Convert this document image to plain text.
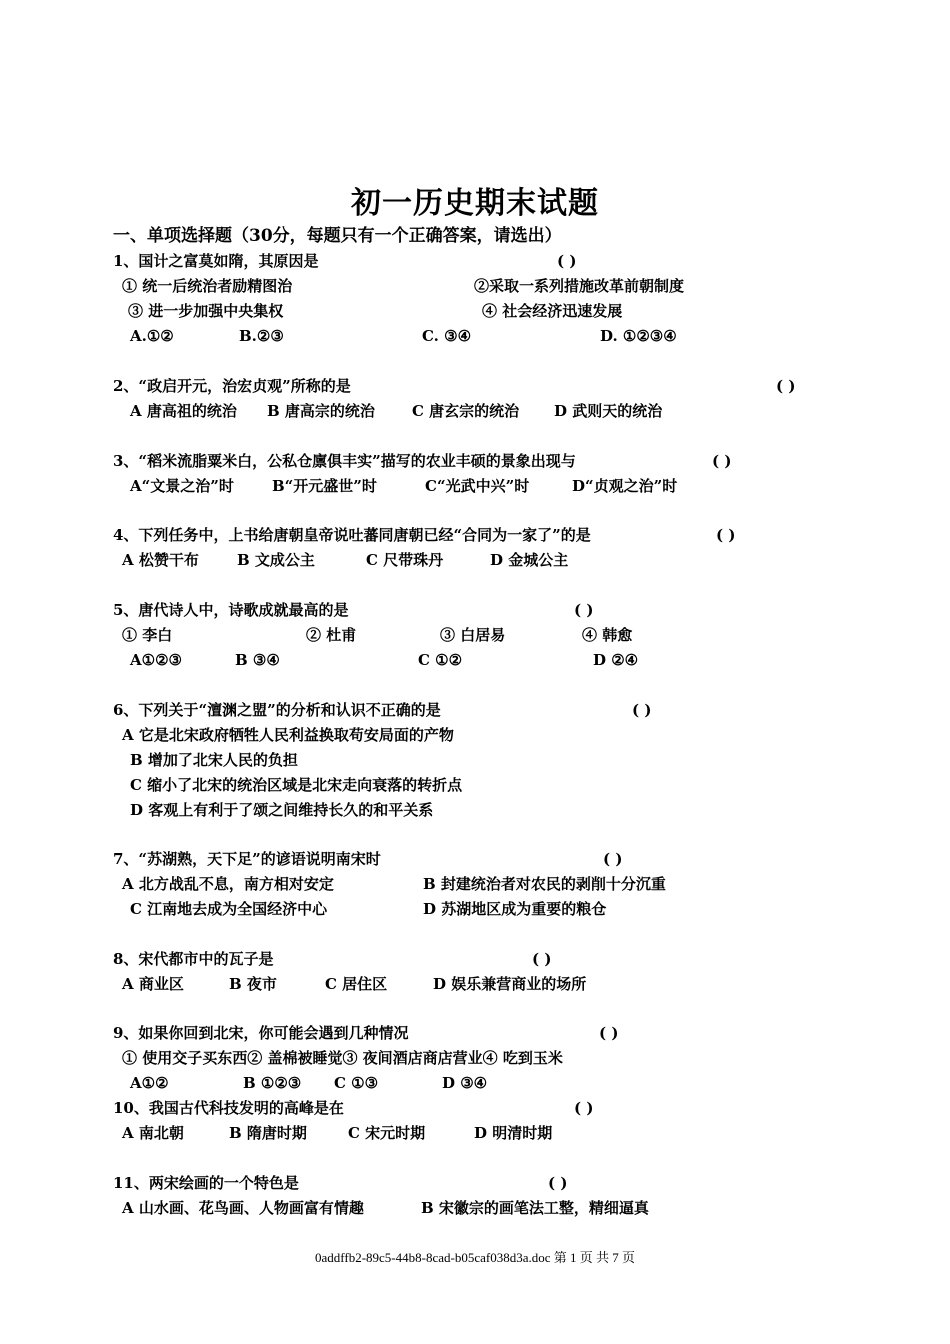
初一历史期末试题
一、单项选择题（30分，每题只有一个正确答案，请选出）
1、国计之富莫如隋，其原因是	( )
① 统一后统治者励精图治	②采取一系列措施改革前朝制度
③ 进一步加强中央集权	④ 社会经济迅速发展
A.①②	B.②③	C. ③④	D. ①②③④
2、“政启开元，治宏贞观”所称的是	( )
A 唐高祖的统治 B 唐高宗的统治 C 唐玄宗的统治 D 武则天的统治
3、“稻米流脂粟米白，公私仓廪俱丰实”描写的农业丰硕的景象出现与	( )
A“文景之治”时	B“开元盛世”时	C“光武中兴”时	D“贞观之治”时
4、下列任务中，上书给唐朝皇帝说吐蕃同唐朝已经“合同为一家了”的是	( )
A 松赞干布	B 文成公主	C 尺带珠丹	D 金城公主
5、唐代诗人中，诗歌成就最高的是	( )
① 李白	② 杜甫	③ 白居易	④ 韩愈
A①②③	B ③④	C ①②	D ②④
6、下列关于“澶渊之盟”的分析和认识不正确的是	( )
A 它是北宋政府牺牲人民利益换取苟安局面的产物
B 增加了北宋人民的负担
C 缩小了北宋的统治区域是北宋走向衰落的转折点
D 客观上有利于了颂之间维持长久的和平关系
7、“苏湖熟，天下足”的谚语说明南宋时	( )
A 北方战乱不息，南方相对安定	B 封建统治者对农民的剥削十分沉重
C 江南地去成为全国经济中心	D 苏湖地区成为重要的粮仓
8、宋代都市中的瓦子是	( )
A 商业区	B 夜市	C 居住区	D 娱乐兼营商业的场所
9、如果你回到北宋，你可能会遇到几种情况	( )
① 使用交子买东西② 盖棉被睡觉③ 夜间酒店商店营业④ 吃到玉米
A①②	B ①②③ C ①③	D ③④
10、我国古代科技发明的高峰是在	( )
A 南北朝	B 隋唐时期	C 宋元时期	D 明清时期
11、两宋绘画的一个特色是	( )
A 山水画、花鸟画、人物画富有情趣	B 宋徽宗的画笔法工整，精细逼真
0addffb2-89c5-44b8-8cad-b05caf038d3a.doc 第 1 页 共 7 页
